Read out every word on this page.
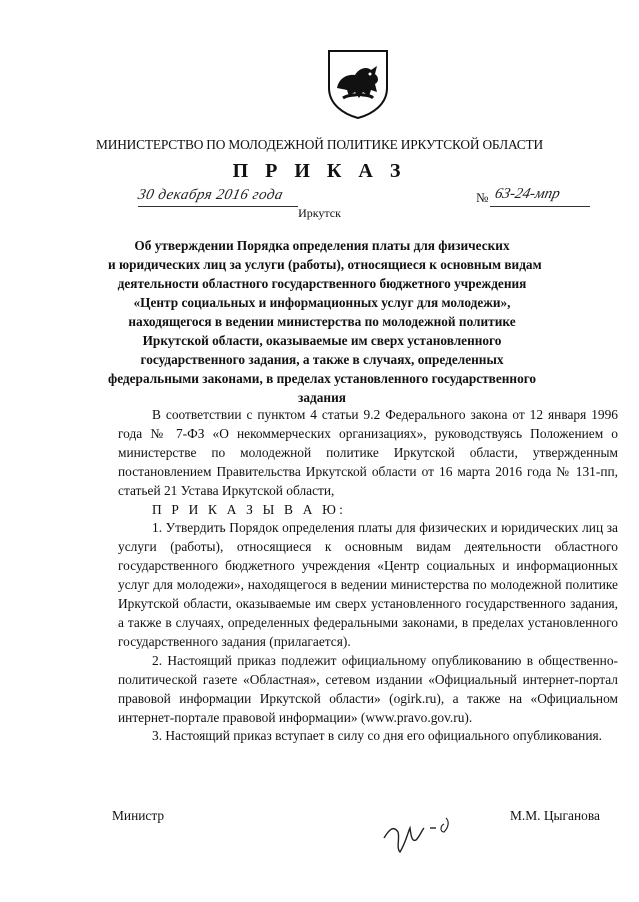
МИНИСТЕРСТВО ПО МОЛОДЕЖНОЙ ПОЛИТИКЕ ИРКУТСКОЙ ОБЛАСТИ
П Р И К А З
30 декабря 2016 года
Иркутск
№ 63-24-мпр
Об утверждении Порядка определения платы для физических
и юридических лиц за услуги (работы), относящиеся к основным видам
деятельности областного государственного бюджетного учреждения
«Центр социальных и информационных услуг для молодежи»,
находящегося в ведении министерства по молодежной политике
Иркутской области, оказываемые им сверх установленного
государственного задания, а также в случаях, определенных
федеральными законами, в пределах установленного государственного
задания

В соответствии с пунктом 4 статьи 9.2 Федерального закона от 12 января 1996 года № 7-ФЗ «О некоммерческих организациях», руководствуясь Положением о министерстве по молодежной политике Иркутской области, утвержденным постановлением Правительства Иркутской области от 16 марта 2016 года № 131-пп, статьей 21 Устава Иркутской области,

П Р И К А З Ы В А Ю:

1. Утвердить Порядок определения платы для физических и юридических лиц за услуги (работы), относящиеся к основным видам деятельности областного государственного бюджетного учреждения «Центр социальных и информационных услуг для молодежи», находящегося в ведении министерства по молодежной политике Иркутской области, оказываемые им сверх установленного государственного задания, а также в случаях, определенных федеральными законами, в пределах установленного государственного задания (прилагается).

2. Настоящий приказ подлежит официальному опубликованию в общественно-политической газете «Областная», сетевом издании «Официальный интернет-портал правовой информации Иркутской области» (ogirk.ru), а также на «Официальном интернет-портале правовой информации» (www.pravo.gov.ru).

3. Настоящий приказ вступает в силу со дня его официального опубликования.

Министр	М.М. Цыганова
